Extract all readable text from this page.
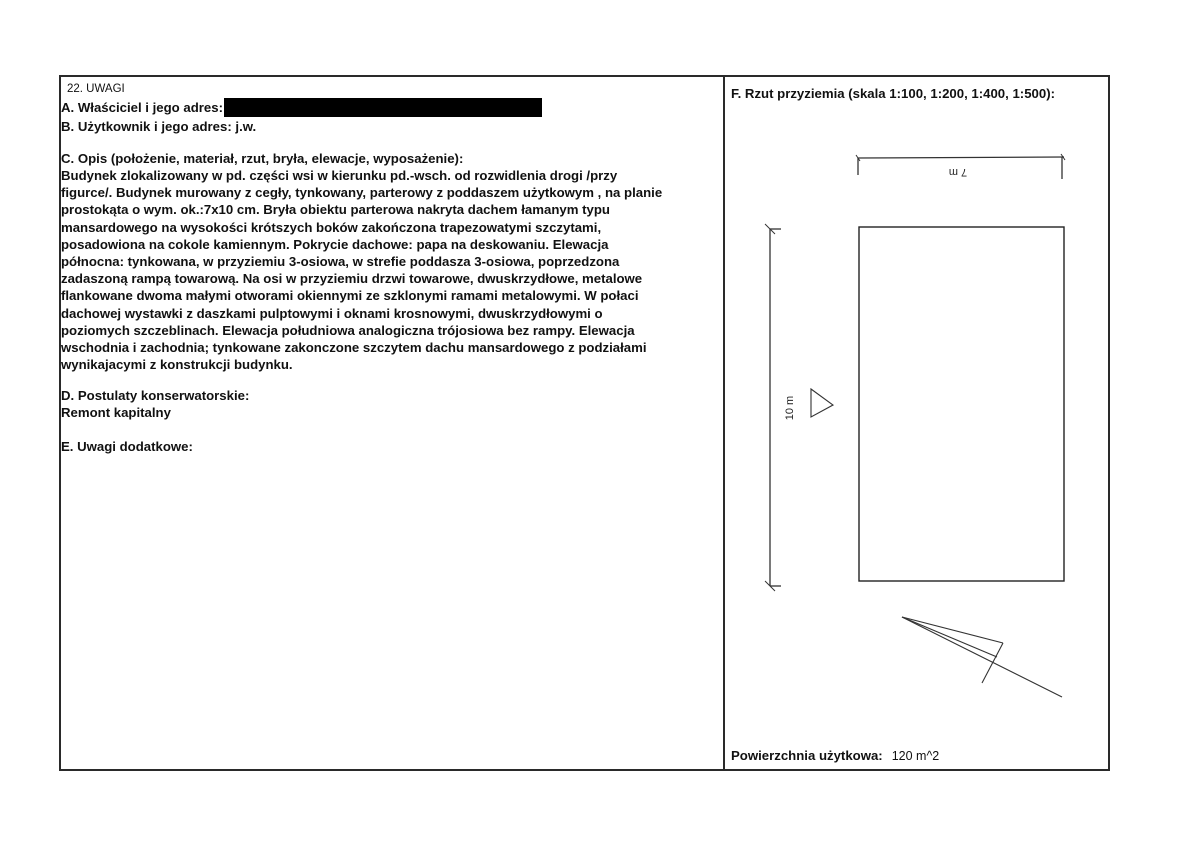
22. UWAGI
A. Właściciel i jego adres:
B. Użytkownik i jego adres: j.w.
C. Opis (położenie, materiał, rzut, bryła, elewacje, wyposażenie):
Budynek zlokalizowany w pd. części wsi w kierunku pd.-wsch. od rozwidlenia drogi /przy
figurce/. Budynek murowany z cegły, tynkowany, parterowy z poddaszem użytkowym , na planie
prostokąta o wym. ok.:7x10 cm. Bryła obiektu parterowa nakryta dachem łamanym typu
mansardowego na wysokości krótszych boków zakończona trapezowatymi szczytami,
posadowiona na cokole kamiennym. Pokrycie dachowe: papa na deskowaniu. Elewacja
północna: tynkowana, w przyziemiu 3-osiowa, w strefie poddasza 3-osiowa, poprzedzona
zadaszoną rampą towarową. Na osi w przyziemiu drzwi towarowe, dwuskrzydłowe, metalowe
flankowane dwoma małymi otworami okiennymi ze szklonymi ramami metalowymi. W połaci
dachowej wystawki z daszkami pulptowymi i oknami krosnowymi, dwuskrzydłowymi o
poziomych szczeblinach. Elewacja południowa analogiczna trójosiowa bez rampy. Elewacja
wschodnia i zachodnia; tynkowane zakonczone szczytem dachu mansardowego z podziałami
wynikajacymi z konstrukcji budynku.
D. Postulaty konserwatorskie:
Remont kapitalny
E. Uwagi dodatkowe:
F. Rzut przyziemia (skala 1:100, 1:200, 1:400, 1:500):
7 m
10 m
Powierzchnia użytkowa: 120 m^2
